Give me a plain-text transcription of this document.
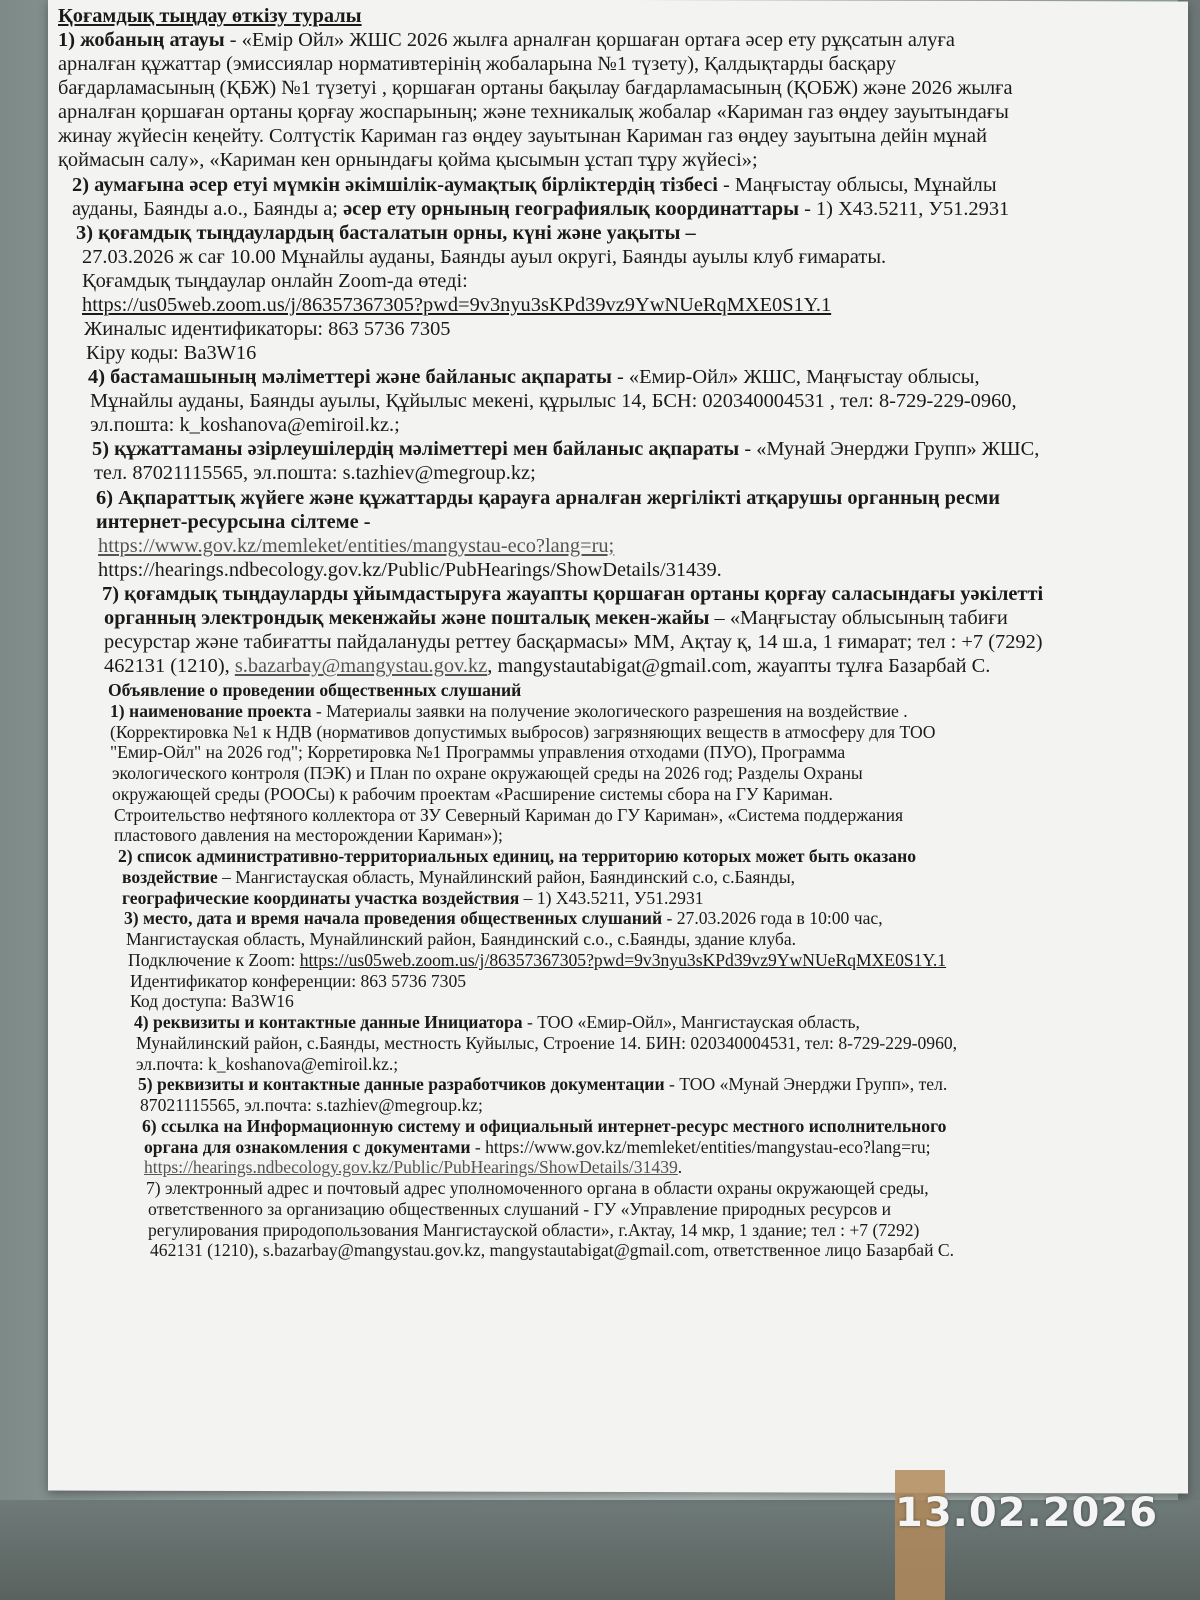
Қоғамдық тыңдау өткізу туралы
1) жобаның атауы - «Емір Ойл» ЖШС 2026 жылға арналған қоршаған ортаға әсер ету рұқсатын алуға
арналған құжаттар (эмиссиялар нормативтерінің жобаларына №1 түзету), Қалдықтарды басқару
бағдарламасының (ҚБЖ) №1 түзетуі , қоршаған ортаны бақылау бағдарламасының (ҚОБЖ) және 2026 жылға
арналған қоршаған ортаны қорғау жоспарының; және техникалық жобалар «Кариман газ өңдеу зауытындағы
жинау жүйесін кеңейту. Солтүстік Кариман газ өңдеу зауытынан Кариман газ өңдеу зауытына дейін мұнай
қоймасын салу», «Кариман кен орнындағы қойма қысымын ұстап тұру жүйесі»;
2) аумағына әсер етуі мүмкін әкімшілік-аумақтық бірліктердің тізбесі - Маңғыстау облысы, Мұнайлы
ауданы, Баянды а.о., Баянды а; әсер ету орнының географиялық координаттары - 1) X43.5211, У51.2931
3) қоғамдық тыңдаулардың басталатын орны, күні және уақыты –
27.03.2026 ж сағ 10.00 Мұнайлы ауданы, Баянды ауыл округі, Баянды ауылы клуб ғимараты.
Қоғамдық тыңдаулар онлайн Zoom-да өтеді:
https://us05web.zoom.us/j/86357367305?pwd=9v3nyu3sKPd39vz9YwNUeRqMXE0S1Y.1
Жиналыс идентификаторы: 863 5736 7305
Кіру коды: Ba3W16
4) бастамашының мәліметтері және байланыс ақпараты - «Емир-Ойл» ЖШС, Маңғыстау облысы,
Мұнайлы ауданы, Баянды ауылы, Құйылыс мекені, құрылыс 14, БСН: 020340004531 , тел: 8-729-229-0960,
эл.пошта: k_koshanova@emiroil.kz.;
5) құжаттаманы әзірлеушілердің мәліметтері мен байланыс ақпараты - «Мунай Энерджи Групп» ЖШС,
тел. 87021115565, эл.пошта: s.tazhiev@megroup.kz;
6) Ақпараттық жүйеге және құжаттарды қарауға арналған жергілікті атқарушы органның ресми
интернет-ресурсына сілтеме -
https://www.gov.kz/memleket/entities/mangystau-eco?lang=ru;
https://hearings.ndbecology.gov.kz/Public/PubHearings/ShowDetails/31439.
7) қоғамдық тыңдауларды ұйымдастыруға жауапты қоршаған ортаны қорғау саласындағы уәкілетті
органның электрондық мекенжайы және пошталық мекен-жайы – «Маңғыстау облысының табиғи
ресурстар және табиғатты пайдалануды реттеу басқармасы» ММ, Ақтау қ, 14 ш.а, 1 ғимарат; тел : +7 (7292)
462131 (1210), s.bazarbay@mangystau.gov.kz, mangystautabigat@gmail.com, жауапты тұлға Базарбай С.
Объявление о проведении общественных слушаний
1) наименование проекта - Материалы заявки на получение экологического разрешения на воздействие .
(Корректировка №1 к НДВ (нормативов допустимых выбросов) загрязняющих веществ в атмосферу для ТОО
"Емир-Ойл" на 2026 год"; Корретировка №1 Программы управления отходами (ПУО), Программа
экологического контроля (ПЭК) и План по охране окружающей среды на 2026 год; Разделы Охраны
окружающей среды (РООСы) к рабочим проектам «Расширение системы сбора на ГУ Кариман.
Строительство нефтяного коллектора от ЗУ Северный Кариман до ГУ Кариман», «Система поддержания
пластового давления на месторождении Кариман»);
2) список административно-территориальных единиц, на территорию которых может быть оказано
воздействие – Мангистауская область, Мунайлинский район, Баяндинский с.о, с.Баянды,
географические координаты участка воздействия – 1) X43.5211, У51.2931
3) место, дата и время начала проведения общественных слушаний - 27.03.2026 года в 10:00 час,
Мангистауская область, Мунайлинский район, Баяндинский с.о., с.Баянды, здание клуба.
Подключение к Zoom: https://us05web.zoom.us/j/86357367305?pwd=9v3nyu3sKPd39vz9YwNUeRqMXE0S1Y.1
Идентификатор конференции: 863 5736 7305
Код доступа: Ba3W16
4) реквизиты и контактные данные Инициатора - ТОО «Емир-Ойл», Мангистауская область,
Мунайлинский район, с.Баянды, местность Куйылыс, Строение 14. БИН: 020340004531, тел: 8-729-229-0960,
эл.почта: k_koshanova@emiroil.kz.;
5) реквизиты и контактные данные разработчиков документации - ТОО «Мунай Энерджи Групп», тел.
87021115565, эл.почта: s.tazhiev@megroup.kz;
6) ссылка на Информационную систему и официальный интернет-ресурс местного исполнительного
органа для ознакомления с документами - https://www.gov.kz/memleket/entities/mangystau-eco?lang=ru;
https://hearings.ndbecology.gov.kz/Public/PubHearings/ShowDetails/31439.
7) электронный адрес и почтовый адрес уполномоченного органа в области охраны окружающей среды,
ответственного за организацию общественных слушаний - ГУ «Управление природных ресурсов и
регулирования природопользования Мангистауской области», г.Актау, 14 мкр, 1 здание; тел : +7 (7292)
462131 (1210), s.bazarbay@mangystau.gov.kz, mangystautabigat@gmail.com, ответственное лицо Базарбай С.
13.02.2026
